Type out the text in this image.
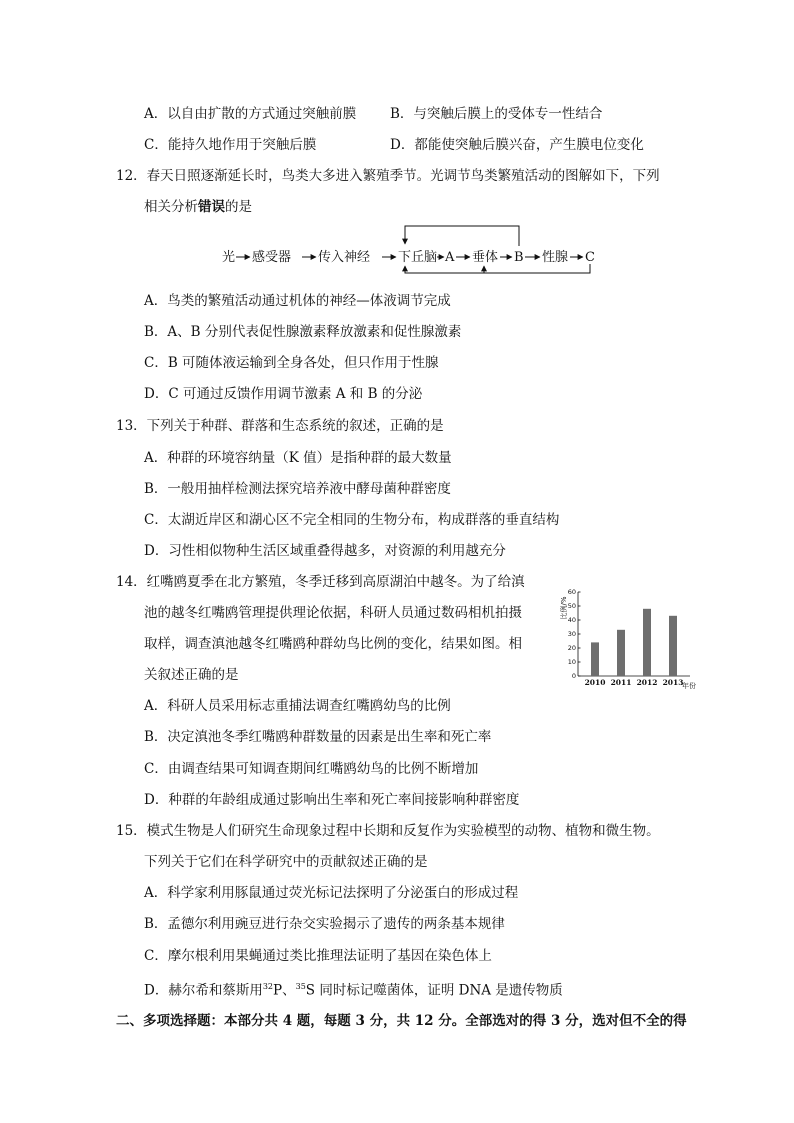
A．以自由扩散的方式通过突触前膜	B．与突触后膜上的受体专一性结合
C．能持久地作用于突触后膜	D．都能使突触后膜兴奋，产生膜电位变化
12．春天日照逐渐延长时，鸟类大多进入繁殖季节。光调节鸟类繁殖活动的图解如下，下列
相关分析错误的是
光 感受器 传入神经 下丘脑 A 垂体 B 性腺 C
A．鸟类的繁殖活动通过机体的神经—体液调节完成
B．A、B 分别代表促性腺激素释放激素和促性腺激素
C．B 可随体液运输到全身各处，但只作用于性腺
D．C 可通过反馈作用调节激素 A 和 B 的分泌
13．下列关于种群、群落和生态系统的叙述，正确的是
A．种群的环境容纳量（K 值）是指种群的最大数量
B．一般用抽样检测法探究培养液中酵母菌种群密度
C．太湖近岸区和湖心区不完全相同的生物分布，构成群落的垂直结构
D．习性相似物种生活区域重叠得越多，对资源的利用越充分
14．红嘴鸥夏季在北方繁殖，冬季迁移到高原湖泊中越冬。为了给滇
池的越冬红嘴鸥管理提供理论依据，科研人员通过数码相机拍摄
取样，调查滇池越冬红嘴鸥种群幼鸟比例的变化，结果如图。相
关叙述正确的是	0
10
20
30
40
50
60
2010 2011 2012 2013
比例/%
年份
A．科研人员采用标志重捕法调查红嘴鸥幼鸟的比例
B．决定滇池冬季红嘴鸥种群数量的因素是出生率和死亡率
C．由调查结果可知调查期间红嘴鸥幼鸟的比例不断增加
D．种群的年龄组成通过影响出生率和死亡率间接影响种群密度
15．模式生物是人们研究生命现象过程中长期和反复作为实验模型的动物、植物和微生物。
下列关于它们在科学研究中的贡献叙述正确的是
A．科学家利用豚鼠通过荧光标记法探明了分泌蛋白的形成过程
B．孟德尔利用豌豆进行杂交实验揭示了遗传的两条基本规律
C．摩尔根利用果蝇通过类比推理法证明了基因在染色体上
D．赫尔希和蔡斯用$^{32}$P、$^{35}$S 同时标记噬菌体，证明 DNA 是遗传物质
二、多项选择题：本部分共 4 题，每题 3 分，共 12 分。全部选对的得 3 分，选对但不全的得
